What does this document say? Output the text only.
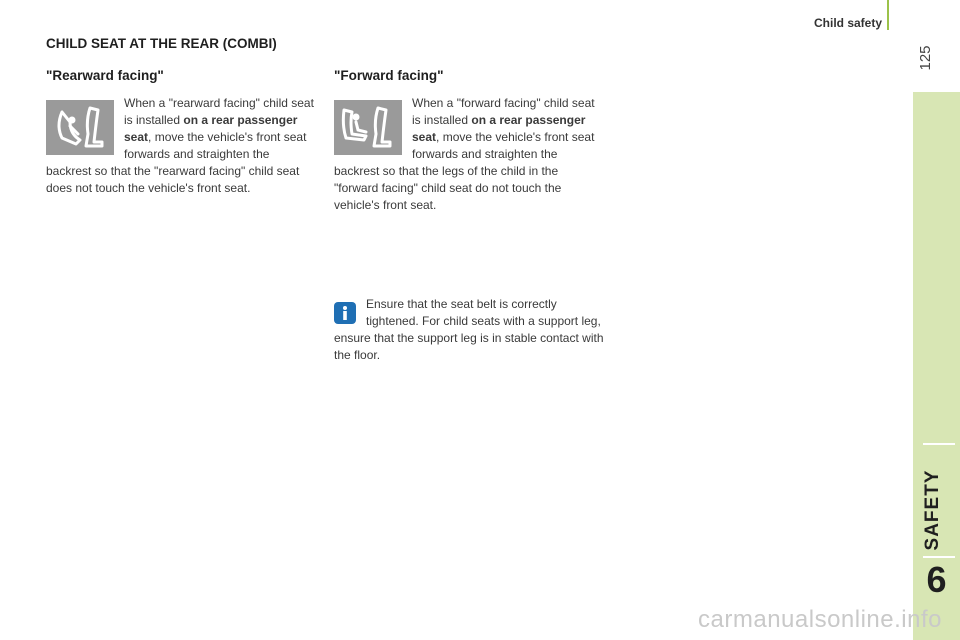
Child safety
125
SAFETY
6
CHILD SEAT AT THE REAR (COMBI)
"Rearward facing"

When a "rearward facing" child seat is installed on a rear passenger seat, move the vehicle's front seat forwards and straighten the backrest so that the "rearward facing" child seat does not touch the vehicle's front seat.

"Forward facing"

When a "forward facing" child seat is installed on a rear passenger seat, move the vehicle's front seat forwards and straighten the backrest so that the legs of the child in the "forward facing" child seat do not touch the vehicle's front seat.

Ensure that the seat belt is correctly tightened. For child seats with a support leg, ensure that the support leg is in stable contact with the floor.

carmanualsonline.info
